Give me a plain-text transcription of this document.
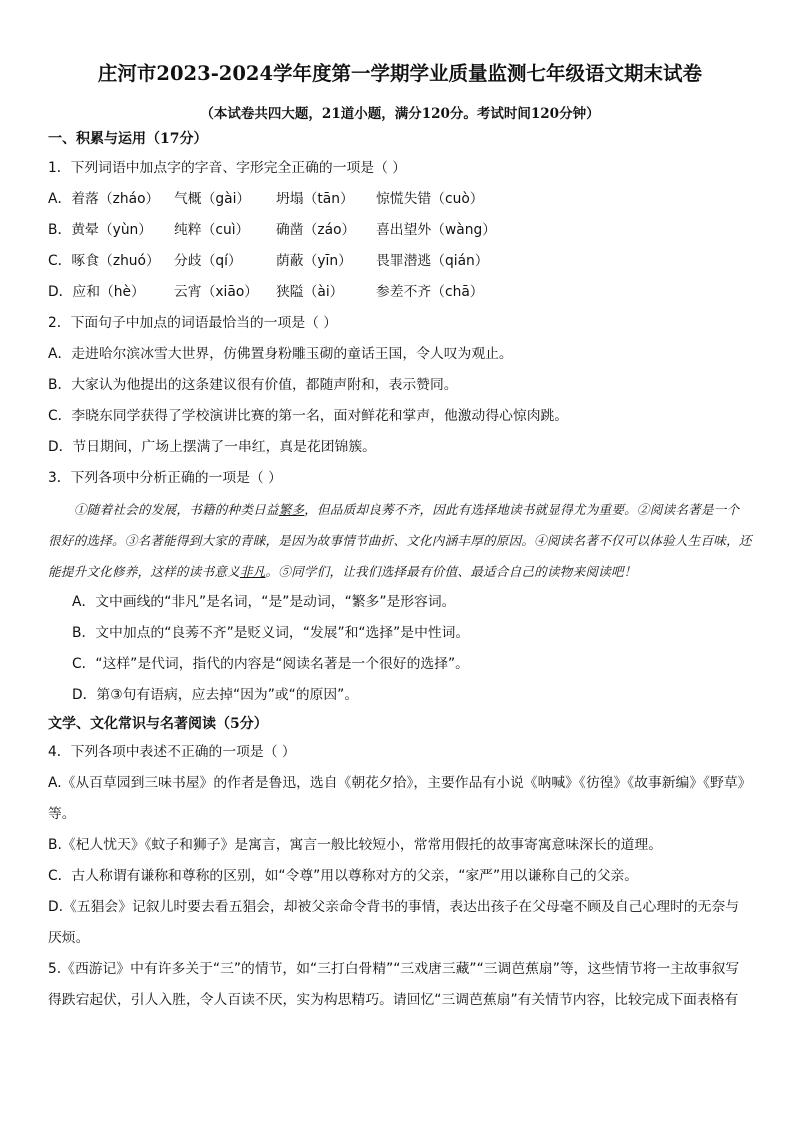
庄河市2023-2024学年度第一学期学业质量监测七年级语文期末试卷
（本试卷共四大题，21道小题，满分120分。考试时间120分钟）
一、积累与运用（17分）
1．下列词语中加点字的字音、字形完全正确的一项是（ ）
A．着落（zháo）	气概（gài）	坍塌（tān）	惊慌失错（cuò）
B．黄晕（yùn）	纯粹（cuì）	确凿（záo）	喜出望外（wàng）
C．啄食（zhuó）	分歧（qí）	荫蔽（yīn）	畏罪潜逃（qián）
D．应和（hè）	云宵（xiāo）	狭隘（ài）	参差不齐（chā）
2．下面句子中加点的词语最恰当的一项是（ ）
A．走进哈尔滨冰雪大世界，仿佛置身粉雕玉砌的童话王国，令人叹为观止。
B．大家认为他提出的这条建议很有价值，都随声附和，表示赞同。
C．李晓东同学获得了学校演讲比赛的第一名，面对鲜花和掌声，他激动得心惊肉跳。
D．节日期间，广场上摆满了一串红，真是花团锦簇。
3．下列各项中分析正确的一项是（ ）
①随着社会的发展，书籍的种类日益繁多，但品质却良莠不齐，因此有选择地读书就显得尤为重要。②阅读名著是一个很好的选择。③名著能得到大家的青睐，是因为故事情节曲折、文化内涵丰厚的原因。④阅读名著不仅可以体验人生百味，还能提升文化修养，这样的读书意义非凡。⑤同学们，让我们选择最有价值、最适合自己的读物来阅读吧！
A．文中画线的“非凡”是名词，“是”是动词，“繁多”是形容词。
B．文中加点的“良莠不齐”是贬义词，“发展”和“选择”是中性词。
C．“这样”是代词，指代的内容是“阅读名著是一个很好的选择”。
D．第③句有语病，应去掉“因为”或“的原因”。
文学、文化常识与名著阅读（5分）
4．下列各项中表述不正确的一项是（ ）
A.《从百草园到三味书屋》的作者是鲁迅，选自《朝花夕拾》，主要作品有小说《呐喊》《彷徨》《故事新编》《野草》
等。
B.《杞人忧天》《蚊子和狮子》是寓言，寓言一般比较短小，常常用假托的故事寄寓意味深长的道理。
C．古人称谓有谦称和尊称的区别，如“令尊”用以尊称对方的父亲，“家严”用以谦称自己的父亲。
D.《五猖会》记叙儿时要去看五猖会，却被父亲命令背书的事情，表达出孩子在父母毫不顾及自己心理时的无奈与
厌烦。
5.《西游记》中有许多关于“三”的情节，如“三打白骨精”“三戏唐三藏”“三调芭蕉扇”等，这些情节将一主故事叙写
得跌宕起伏，引人入胜，令人百读不厌，实为构思精巧。请回忆“三调芭蕉扇”有关情节内容，比较完成下面表格有
